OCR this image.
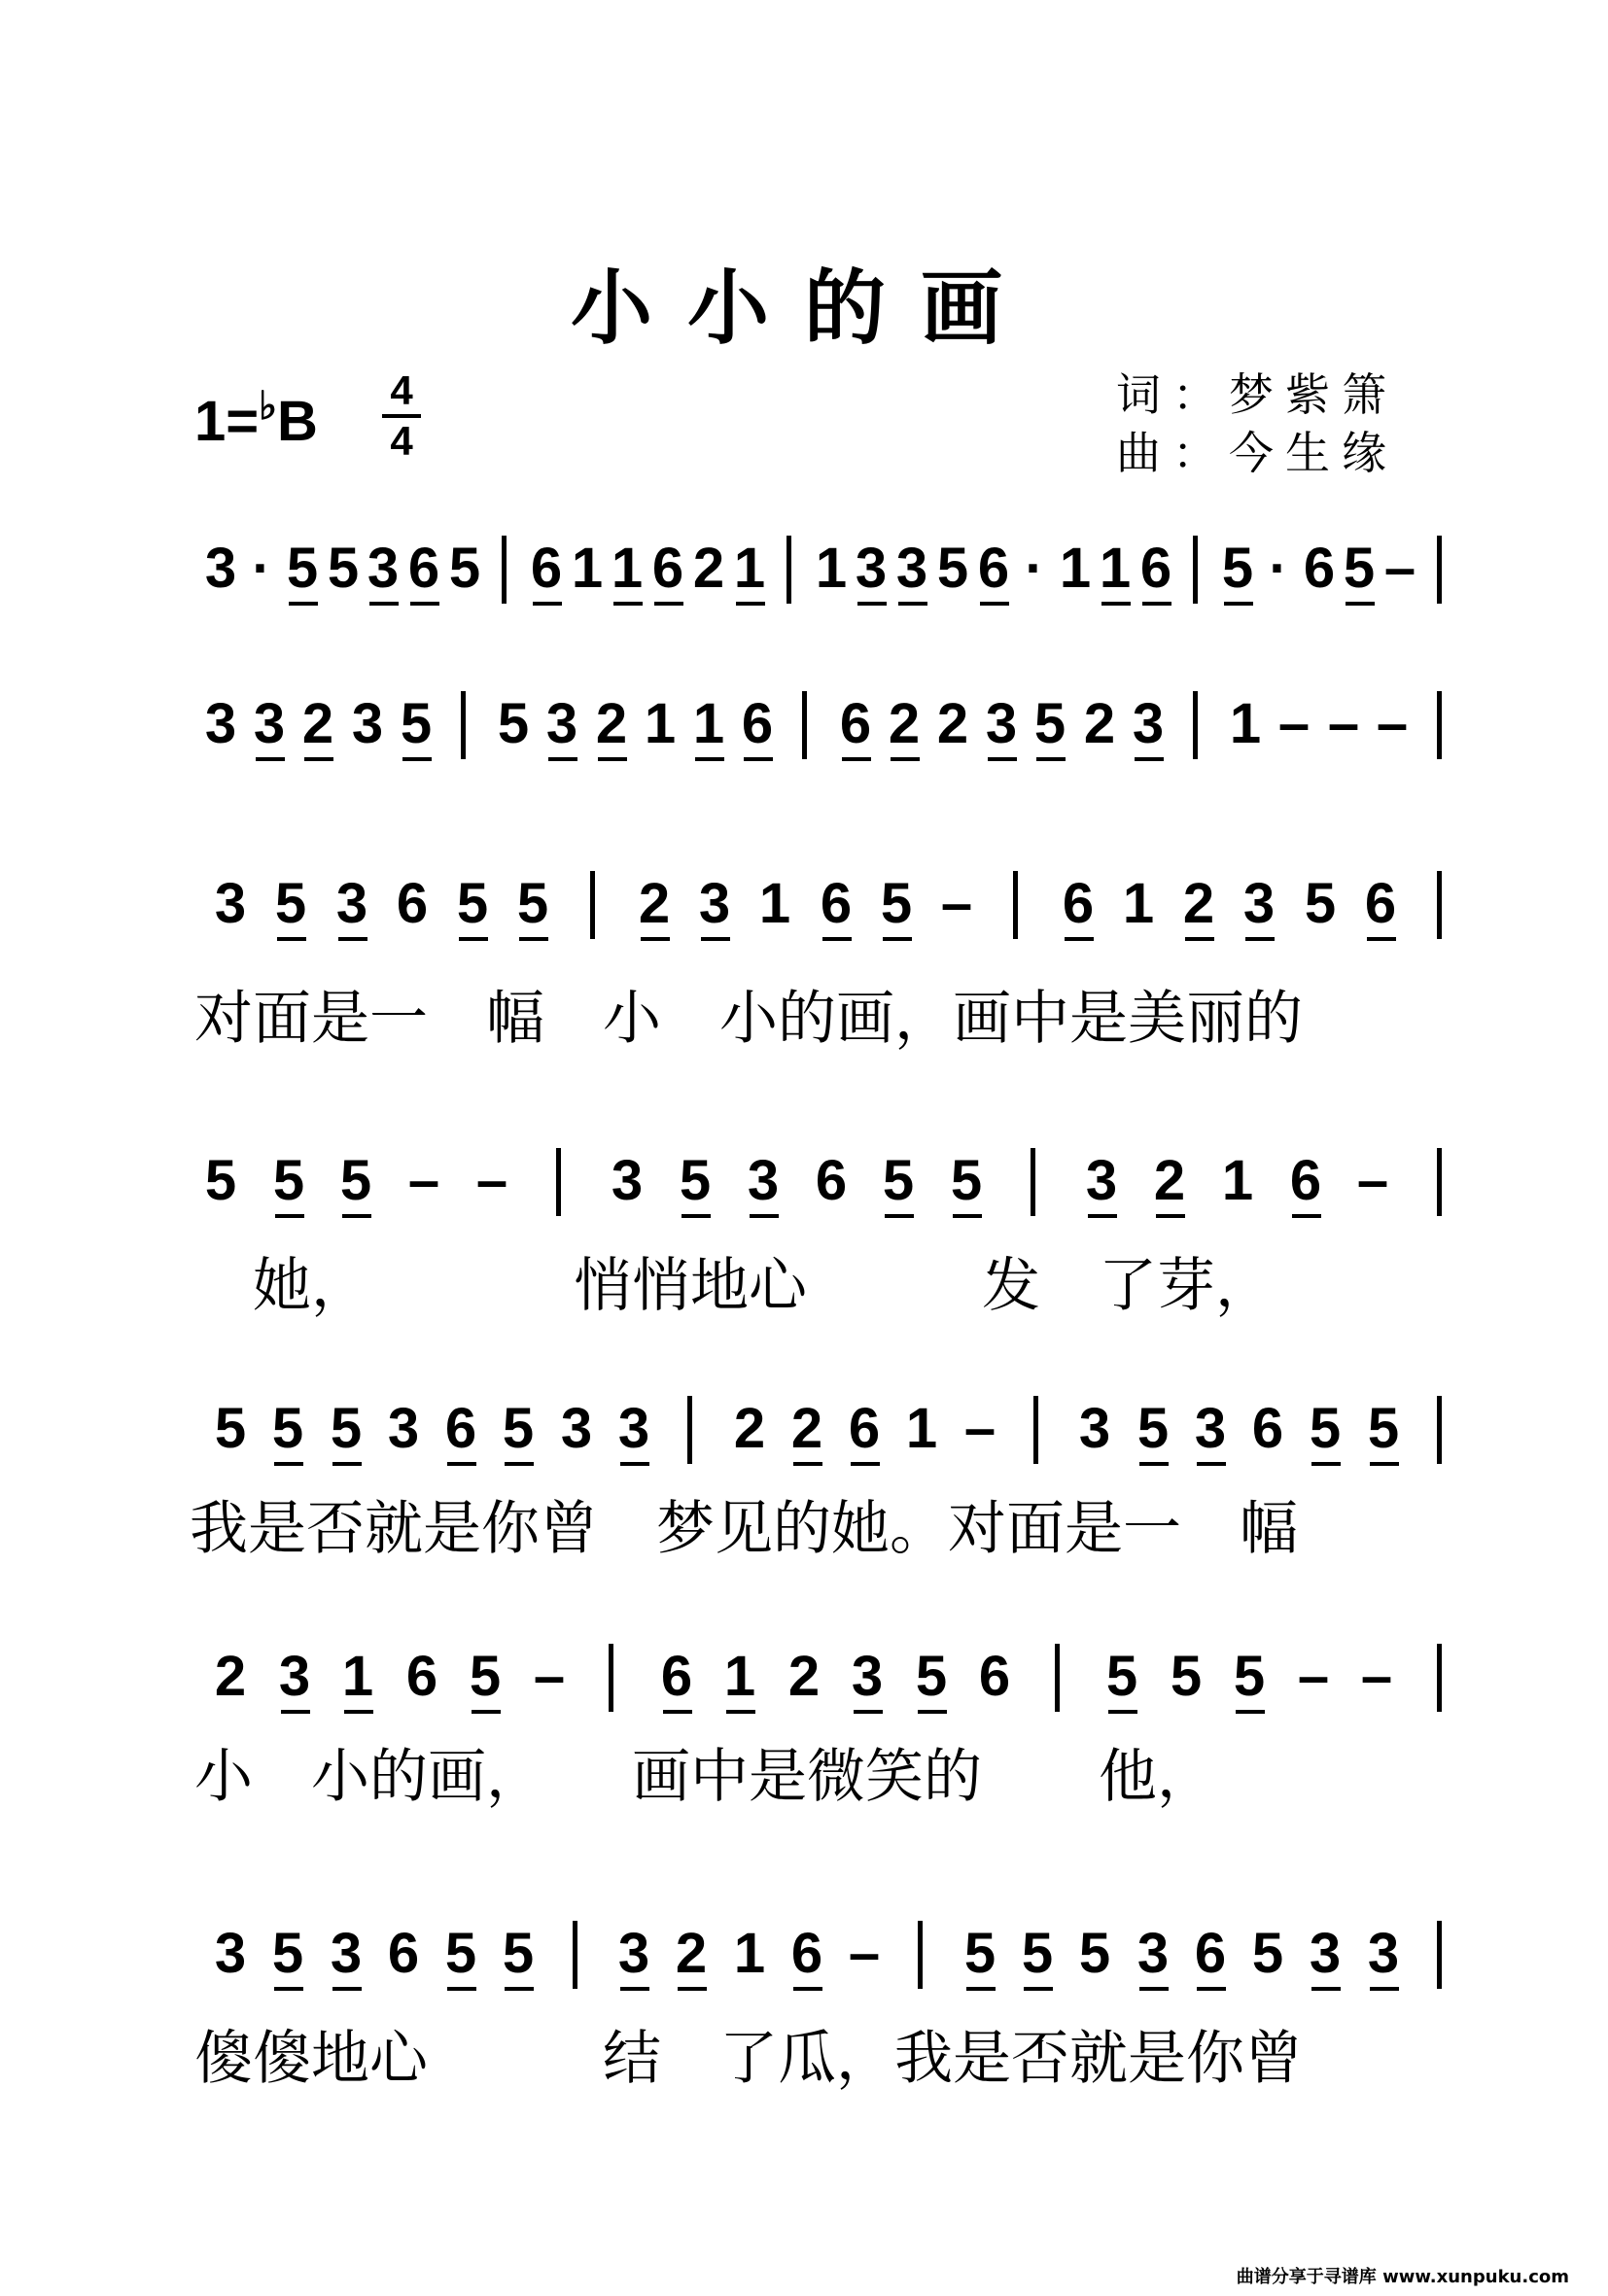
小小的画
1=♭B 4
4
词：梦紫箫
曲：今生缘
3 · 5 5 3 6 5 6 1 1 6 2 1 1 3 3 5 6 · 1 1 6 5 · 6 5 –
3 3 2 3 5 5 3 2 1 1 6 6 2 2 3 5 2 3 1 – – –
3 5 3 6 5 5 2 3 1 6 5 – 6 1 2 3 5 6
对面是一　幅　小　小的画，画中是美丽的
5 5 5 – – 3 5 3 6 5 5 3 2 1 6 –
　她，　　　　悄悄地心　　　发　了芽，
5 5 5 3 6 5 3 3 2 2 6 1 – 3 5 3 6 5 5
我是否就是你曾　梦见的她。对面是一　幅
2 3 1 6 5 – 6 1 2 3 5 6 5 5 5 – –
小　小的画，　　画中是微笑的　　他，
3 5 3 6 5 5 3 2 1 6 – 5 5 5 3 6 5 3 3
傻傻地心　　　结　了瓜，我是否就是你曾
曲谱分享于寻谱库 www.xunpuku.com
